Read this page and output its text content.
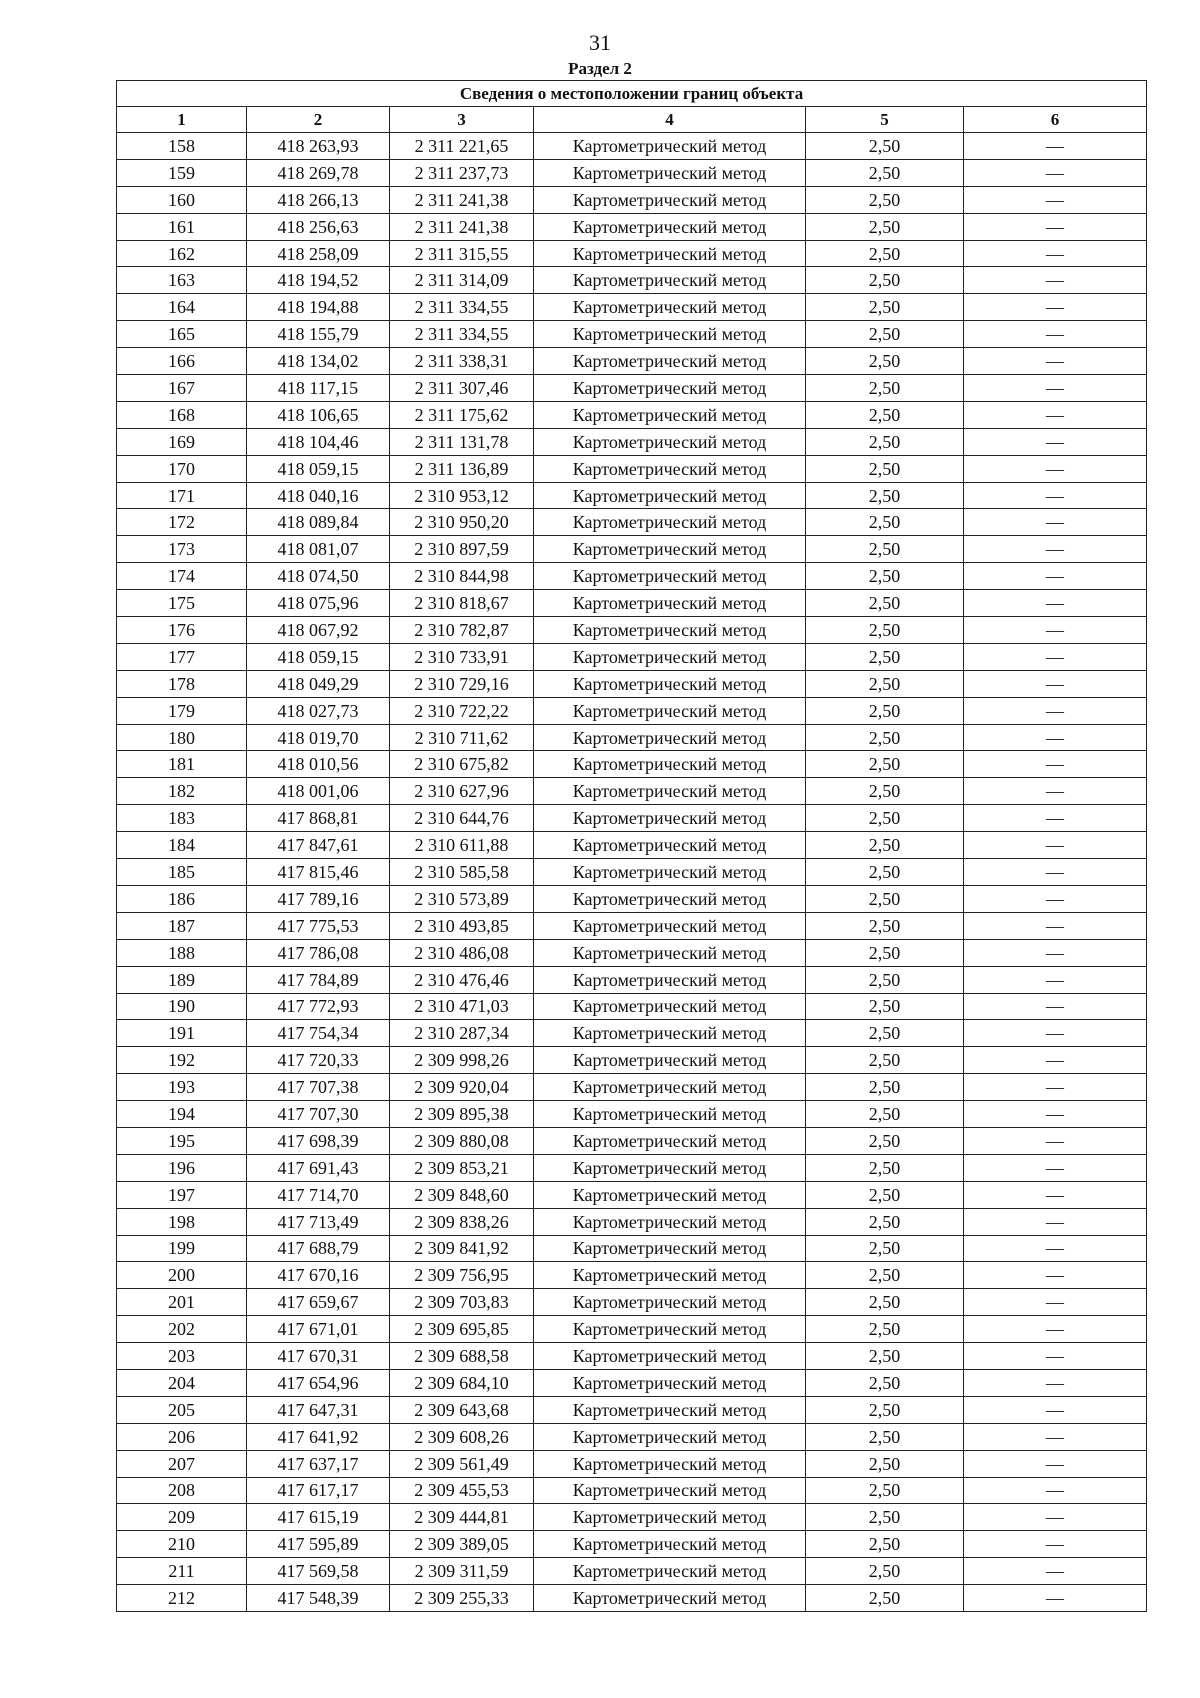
31
Раздел 2
Сведения о местоположении границ объекта					
1	2	3	4	5	6
158	418 263,93	2 311 221,65	Картометрический метод	2,50	—
159	418 269,78	2 311 237,73	Картометрический метод	2,50	—
160	418 266,13	2 311 241,38	Картометрический метод	2,50	—
161	418 256,63	2 311 241,38	Картометрический метод	2,50	—
162	418 258,09	2 311 315,55	Картометрический метод	2,50	—
163	418 194,52	2 311 314,09	Картометрический метод	2,50	—
164	418 194,88	2 311 334,55	Картометрический метод	2,50	—
165	418 155,79	2 311 334,55	Картометрический метод	2,50	—
166	418 134,02	2 311 338,31	Картометрический метод	2,50	—
167	418 117,15	2 311 307,46	Картометрический метод	2,50	—
168	418 106,65	2 311 175,62	Картометрический метод	2,50	—
169	418 104,46	2 311 131,78	Картометрический метод	2,50	—
170	418 059,15	2 311 136,89	Картометрический метод	2,50	—
171	418 040,16	2 310 953,12	Картометрический метод	2,50	—
172	418 089,84	2 310 950,20	Картометрический метод	2,50	—
173	418 081,07	2 310 897,59	Картометрический метод	2,50	—
174	418 074,50	2 310 844,98	Картометрический метод	2,50	—
175	418 075,96	2 310 818,67	Картометрический метод	2,50	—
176	418 067,92	2 310 782,87	Картометрический метод	2,50	—
177	418 059,15	2 310 733,91	Картометрический метод	2,50	—
178	418 049,29	2 310 729,16	Картометрический метод	2,50	—
179	418 027,73	2 310 722,22	Картометрический метод	2,50	—
180	418 019,70	2 310 711,62	Картометрический метод	2,50	—
181	418 010,56	2 310 675,82	Картометрический метод	2,50	—
182	418 001,06	2 310 627,96	Картометрический метод	2,50	—
183	417 868,81	2 310 644,76	Картометрический метод	2,50	—
184	417 847,61	2 310 611,88	Картометрический метод	2,50	—
185	417 815,46	2 310 585,58	Картометрический метод	2,50	—
186	417 789,16	2 310 573,89	Картометрический метод	2,50	—
187	417 775,53	2 310 493,85	Картометрический метод	2,50	—
188	417 786,08	2 310 486,08	Картометрический метод	2,50	—
189	417 784,89	2 310 476,46	Картометрический метод	2,50	—
190	417 772,93	2 310 471,03	Картометрический метод	2,50	—
191	417 754,34	2 310 287,34	Картометрический метод	2,50	—
192	417 720,33	2 309 998,26	Картометрический метод	2,50	—
193	417 707,38	2 309 920,04	Картометрический метод	2,50	—
194	417 707,30	2 309 895,38	Картометрический метод	2,50	—
195	417 698,39	2 309 880,08	Картометрический метод	2,50	—
196	417 691,43	2 309 853,21	Картометрический метод	2,50	—
197	417 714,70	2 309 848,60	Картометрический метод	2,50	—
198	417 713,49	2 309 838,26	Картометрический метод	2,50	—
199	417 688,79	2 309 841,92	Картометрический метод	2,50	—
200	417 670,16	2 309 756,95	Картометрический метод	2,50	—
201	417 659,67	2 309 703,83	Картометрический метод	2,50	—
202	417 671,01	2 309 695,85	Картометрический метод	2,50	—
203	417 670,31	2 309 688,58	Картометрический метод	2,50	—
204	417 654,96	2 309 684,10	Картометрический метод	2,50	—
205	417 647,31	2 309 643,68	Картометрический метод	2,50	—
206	417 641,92	2 309 608,26	Картометрический метод	2,50	—
207	417 637,17	2 309 561,49	Картометрический метод	2,50	—
208	417 617,17	2 309 455,53	Картометрический метод	2,50	—
209	417 615,19	2 309 444,81	Картометрический метод	2,50	—
210	417 595,89	2 309 389,05	Картометрический метод	2,50	—
211	417 569,58	2 309 311,59	Картометрический метод	2,50	—
212	417 548,39	2 309 255,33	Картометрический метод	2,50	—
